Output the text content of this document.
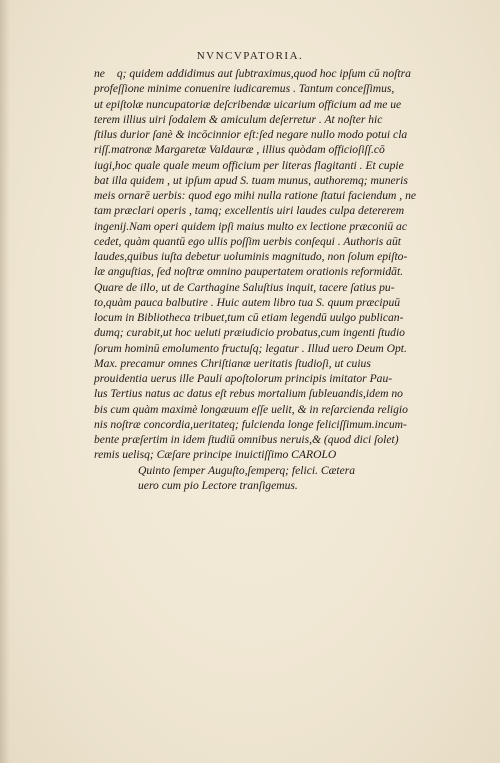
NVNCVPATORIA.
ne᷑ q; quidem addidimus aut ſubtraximus,quod hoc ipſum cū noſtra
profeſſione minime conuenire iudicaremus . Tantum conceſſimus,
ut epiſtolæ nuncupatoriæ deſcribendæ uicarium officium ad me ue
terem illius uiri ſodalem & amiculum deſerretur . At noſter hic
ſtilus durior ſanè & incōcinnior eſt:ſed negare nullo modo potui cla
riſſ.matronæ Margaretæ Valdauræ , illius quòdam officioſiſſ.cō
iugi,hoc quale quale meum officium per literas flagitanti . Et cupie
bat illa quidem , ut ipſum apud S. tuam munus, authoremq; muneris
meis ornarē uerbis: quod ego mihi nulla ratione ſtatui faciendum , ne
tam præclari operis , tamq; excellentis uiri laudes culpa detererem
ingenij.Nam operi quidem ipſi maius multo ex lectione præconiū ac
cedet, quàm quantū ego ullis poſſim uerbis conſequi . Authoris aūt
laudes,quibus iuſta debetur uoluminis magnitudo, non ſolum epiſto-
læ anguſtias, ſed noſtræ omnino paupertatem orationis reformidāt.
Quare de illo, ut de Carthagine Saluſtius inquit, tacere ſatius pu-
to,quàm pauca balbutire . Huic autem libro tua S. quum præcipuū
locum in Bibliotheca tribuet,tum cū etiam legendū uulgo publican-
dumq; curabit,ut hoc ueluti præiudicio probatus,cum ingenti ſtudio
ſorum hominū emolumento fructuſq; legatur . Illud uero Deum Opt.
Max. precamur omnes Chriſtianæ ueritatis ſtudioſi, ut cuius
prouidentia uerus ille Pauli apoſtolorum principis imitator Pau-
lus Tertius natus ac datus eſt rebus mortalium ſubleuandis,idem no
bis cum quàm maximè longæuum eſſe uelit, & in reſarcienda religio
nis noſtræ concordia,ueritateq; fulcienda longe feliciſſimum.incum-
bente præſertim in idem ſtudiū omnibus neruis,& (quod dici ſolet)
remis uelisq; Cæſare principe inuictiſſimo CAROLO
Quinto ſemper Auguſto,ſemperq; felici. Cætera
uero cum pio Lectore tranſigemus.
